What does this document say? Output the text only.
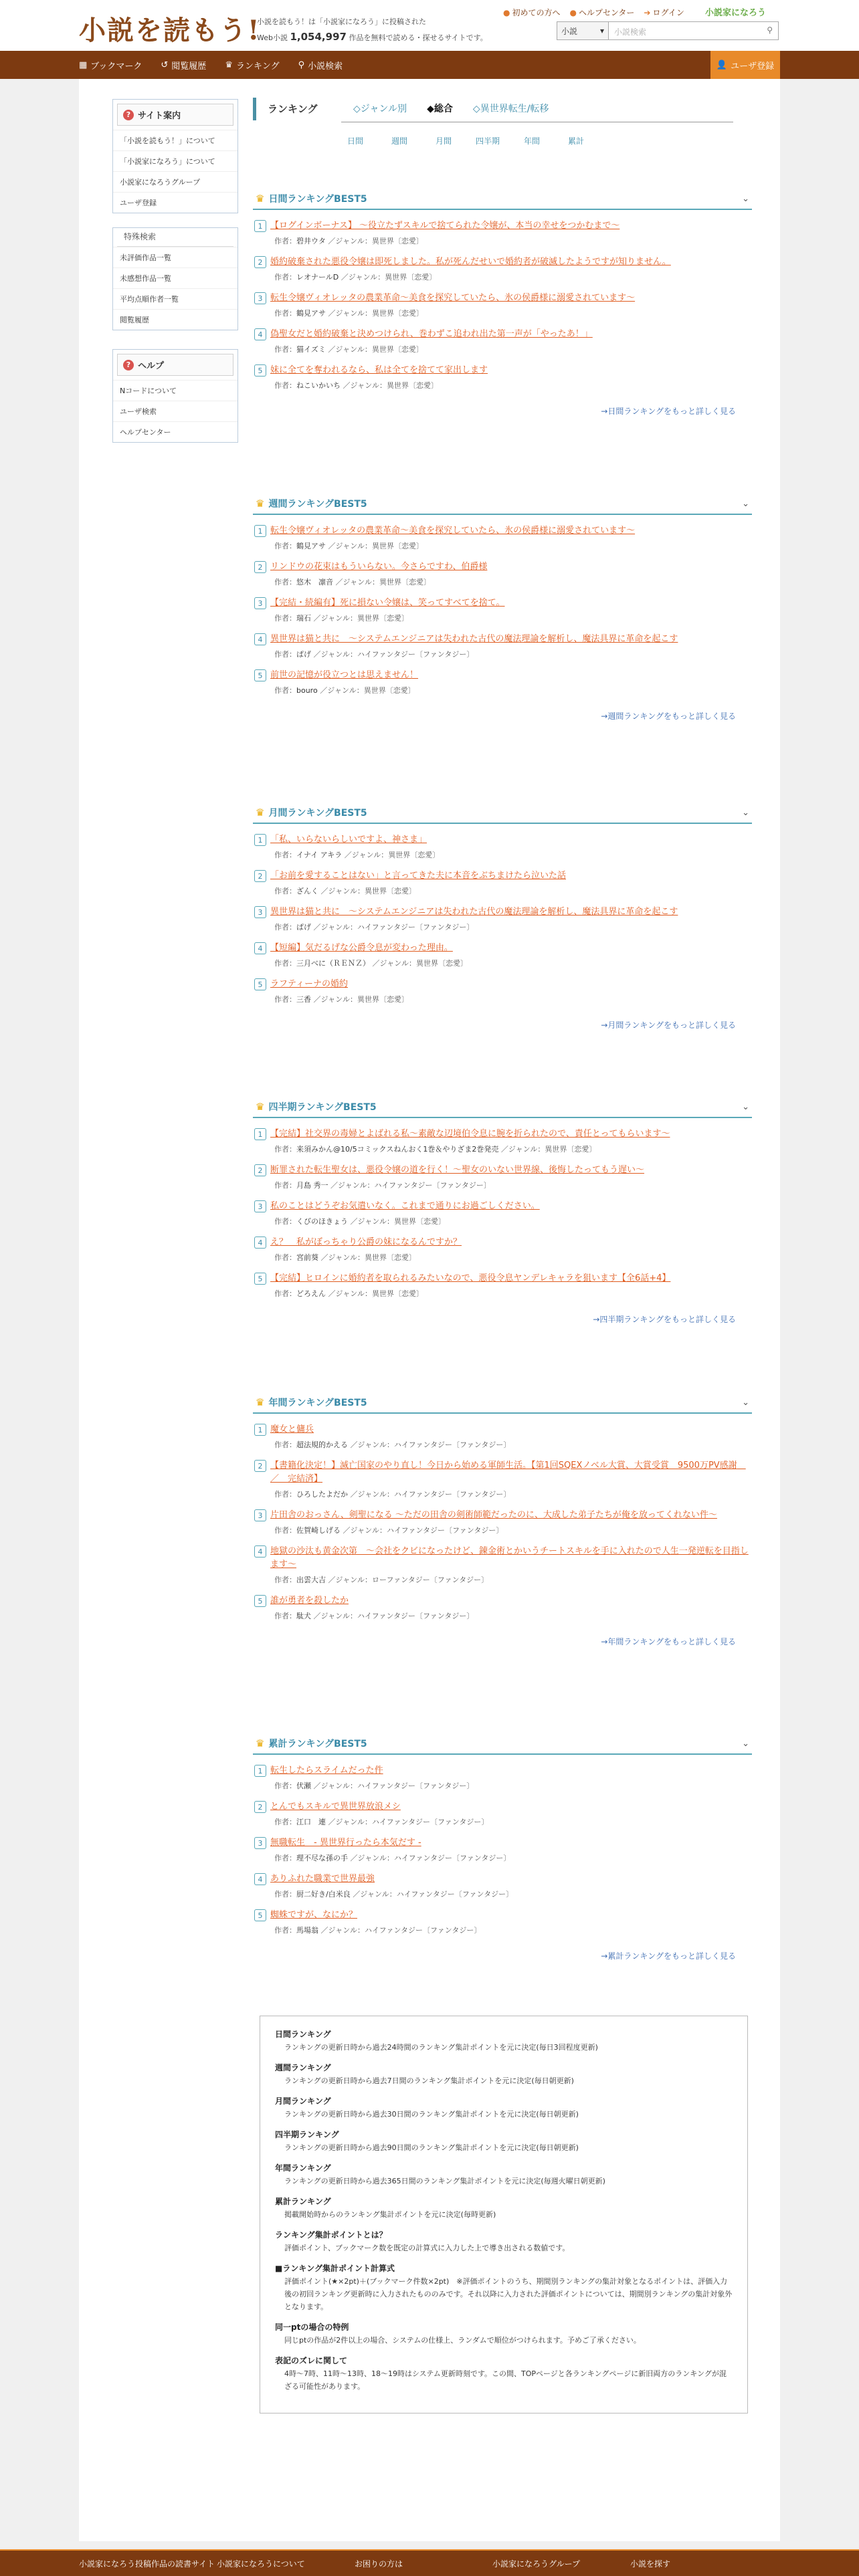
小説を読もう!
小説を読もう！は「小説家になろう」に投稿された
Web小説 1,054,997 作品を無料で読める・探せるサイトです。
● 初めての方へ ● ヘルプセンター ➔ ログイン 小説家になろう
小説	▾	小説検索	⚲
▦ ブックマーク ↺ 閲覧履歴 ♛ ランキング ⚲ 小説検索	👤 ユーザ登録
? サイト案内
「小説を読もう！」について
「小説家になろう」について
小説家になろうグループ
ユーザ登録
特殊検索
未評価作品一覧
未感想作品一覧
平均点順作者一覧
閲覧履歴
? ヘルプ
Nコードについて
ユーザ検索
ヘルプセンター
ランキング	◇ジャンル別 ◆総合 ◇異世界転生/転移
日間	週間	月間	四半期	年間	累計
♛ 日間ランキングBEST5	⌄
1 【ログインボーナス】 ～役立たずスキルで捨てられた令嬢が、本当の幸せをつかむまで～
作者：碧井ウタ ／ジャンル：異世界〔恋愛〕
2 婚約破棄された悪役令嬢は即死しました。私が死んだせいで婚約者が破滅したようですが知りません。
作者：レオナールD ／ジャンル：異世界〔恋愛〕
3 転生令嬢ヴィオレッタの農業革命～美食を探究していたら、氷の侯爵様に溺愛されています～
作者：鶴見アサ ／ジャンル：異世界〔恋愛〕
4 偽聖女だと婚約破棄と決めつけられ、巻わずこ追われ出た第一声が「やったあ！」
作者：猫イズミ ／ジャンル：異世界〔恋愛〕
5 妹に全てを奪われるなら、私は全てを捨てて家出します
作者：ねこいかいち ／ジャンル：異世界〔恋愛〕
→日間ランキングをもっと詳しく見る
♛ 週間ランキングBEST5	⌄
1 転生令嬢ヴィオレッタの農業革命～美食を探究していたら、氷の侯爵様に溺愛されています～
作者：鶴見アサ ／ジャンル：異世界〔恋愛〕
2 リンドウの花束はもういらない。今さらですわ、伯爵様
作者：悠木　凛音 ／ジャンル：異世界〔恋愛〕
3 【完結・続編有】死に損ない令嬢は、笑ってすべてを捨て。
作者：瑞石 ／ジャンル：異世界〔恋愛〕
4 異世界は猫と共に　～システムエンジニアは失われた古代の魔法理論を解析し、魔法具界に革命を起こす
作者：ぱげ ／ジャンル：ハイファンタジー〔ファンタジー〕
5 前世の記憶が役立つとは思えません！
作者：bouro ／ジャンル：異世界〔恋愛〕
→週間ランキングをもっと詳しく見る
♛ 月間ランキングBEST5	⌄
1 「私、いらないらしいですよ、神さま」
作者：イナイ アキラ ／ジャンル：異世界〔恋愛〕
2 「お前を愛することはない」と言ってきた夫に本音をぶちまけたら泣いた話
作者：ざんく ／ジャンル：異世界〔恋愛〕
3 異世界は猫と共に　～システムエンジニアは失われた古代の魔法理論を解析し、魔法具界に革命を起こす
作者：ぱげ ／ジャンル：ハイファンタジー〔ファンタジー〕
4 【短編】気だるげな公爵令息が変わった理由。
作者：三月べに（ＲＥＮＺ） ／ジャンル：異世界〔恋愛〕
5 ラフティーナの婚約
作者：三香 ／ジャンル：異世界〔恋愛〕
→月間ランキングをもっと詳しく見る
♛ 四半期ランキングBEST5	⌄
1 【完結】社交界の毒婦とよばれる私～素敵な辺境伯令息に腕を折られたので、責任とってもらいます～
作者：来須みかん@10/5コミックスねんおく1巻＆やりざま2巻発売 ／ジャンル：異世界〔恋愛〕
2 断罪された転生聖女は、悪役令嬢の道を行く！～聖女のいない世界線、後悔したってもう遅い～
作者：月島 秀一 ／ジャンル：ハイファンタジー〔ファンタジー〕
3 私のことはどうぞお気遣いなく。これまで通りにお過ごしください。
作者：くびのほきょう ／ジャンル：異世界〔恋愛〕
4 え？　私がぼっちゃり公爵の妹になるんですか？
作者：宮前葵 ／ジャンル：異世界〔恋愛〕
5 【完結】ヒロインに婚約者を取られるみたいなので、悪役令息ヤンデレキャラを狙います【全6話+4】
作者：どろえん ／ジャンル：異世界〔恋愛〕
→四半期ランキングをもっと詳しく見る
♛ 年間ランキングBEST5	⌄
1 魔女と傭兵
作者：超法規的かえる ／ジャンル：ハイファンタジー〔ファンタジー〕
2 【書籍化決定！】滅亡国家のやり直し！今日から始める軍師生活。【第1回SQEXノベル大賞、大賞受賞　9500万PV感謝　／　完結済】
作者：ひろしたよだか ／ジャンル：ハイファンタジー〔ファンタジー〕
3 片田舎のおっさん、剣聖になる ～ただの田舎の剣術師範だったのに、大成した弟子たちが俺を放ってくれない件～
作者：佐賀崎しげる ／ジャンル：ハイファンタジー〔ファンタジー〕
4 地獄の沙汰も黄金次第　～会社をクビになったけど、錬金術とかいうチートスキルを手に入れたので人生一発逆転を目指します～
作者：出雲大吉 ／ジャンル：ローファンタジー〔ファンタジー〕
5 誰が勇者を殺したか
作者：駄犬 ／ジャンル：ハイファンタジー〔ファンタジー〕
→年間ランキングをもっと詳しく見る
♛ 累計ランキングBEST5	⌄
1 転生したらスライムだった件
作者：伏瀬 ／ジャンル：ハイファンタジー〔ファンタジー〕
2 とんでもスキルで異世界放浪メシ
作者：江口　連 ／ジャンル：ハイファンタジー〔ファンタジー〕
3 無職転生　- 異世界行ったら本気だす -
作者：理不尽な孫の手 ／ジャンル：ハイファンタジー〔ファンタジー〕
4 ありふれた職業で世界最強
作者：厨二好き/白米良 ／ジャンル：ハイファンタジー〔ファンタジー〕
5 蜘蛛ですが、なにか？
作者：馬場翁 ／ジャンル：ハイファンタジー〔ファンタジー〕
→累計ランキングをもっと詳しく見る
日間ランキング
ランキングの更新日時から過去24時間のランキング集計ポイントを元に決定(毎日3回程度更新)
週間ランキング
ランキングの更新日時から過去7日間のランキング集計ポイントを元に決定(毎日朝更新)
月間ランキング
ランキングの更新日時から過去30日間のランキング集計ポイントを元に決定(毎日朝更新)
四半期ランキング
ランキングの更新日時から過去90日間のランキング集計ポイントを元に決定(毎日朝更新)
年間ランキング
ランキングの更新日時から過去365日間のランキング集計ポイントを元に決定(毎週火曜日朝更新)
累計ランキング
掲載開始時からのランキング集計ポイントを元に決定(毎時更新)
ランキング集計ポイントとは？
評価ポイント、ブックマーク数を既定の計算式に入力した上で導き出される数値です。
■ランキング集計ポイント計算式
評価ポイント(★×2pt)＋(ブックマーク件数×2pt)　※評価ポイントのうち、期間別ランキングの集計対象となるポイントは、評価入力後の初回ランキング更新時に入力されたもののみです。それ以降に入力された評価ポイントについては、期間別ランキングの集計対象外となります。
同一ptの場合の特例
同じptの作品が2件以上の場合、システムの仕様上、ランダムで順位がつけられます。予めご了承ください。
表記のズレに関して
4時〜7時、11時〜13時、18〜19時はシステム更新時刻です。この間、TOPページと各ランキングページに新旧両方のランキングが混ざる可能性があります。
小説家になろう投稿作品の読書サイト 小説家になろうについて	お困りの方は	小説家になろうグループ	小説を探す
